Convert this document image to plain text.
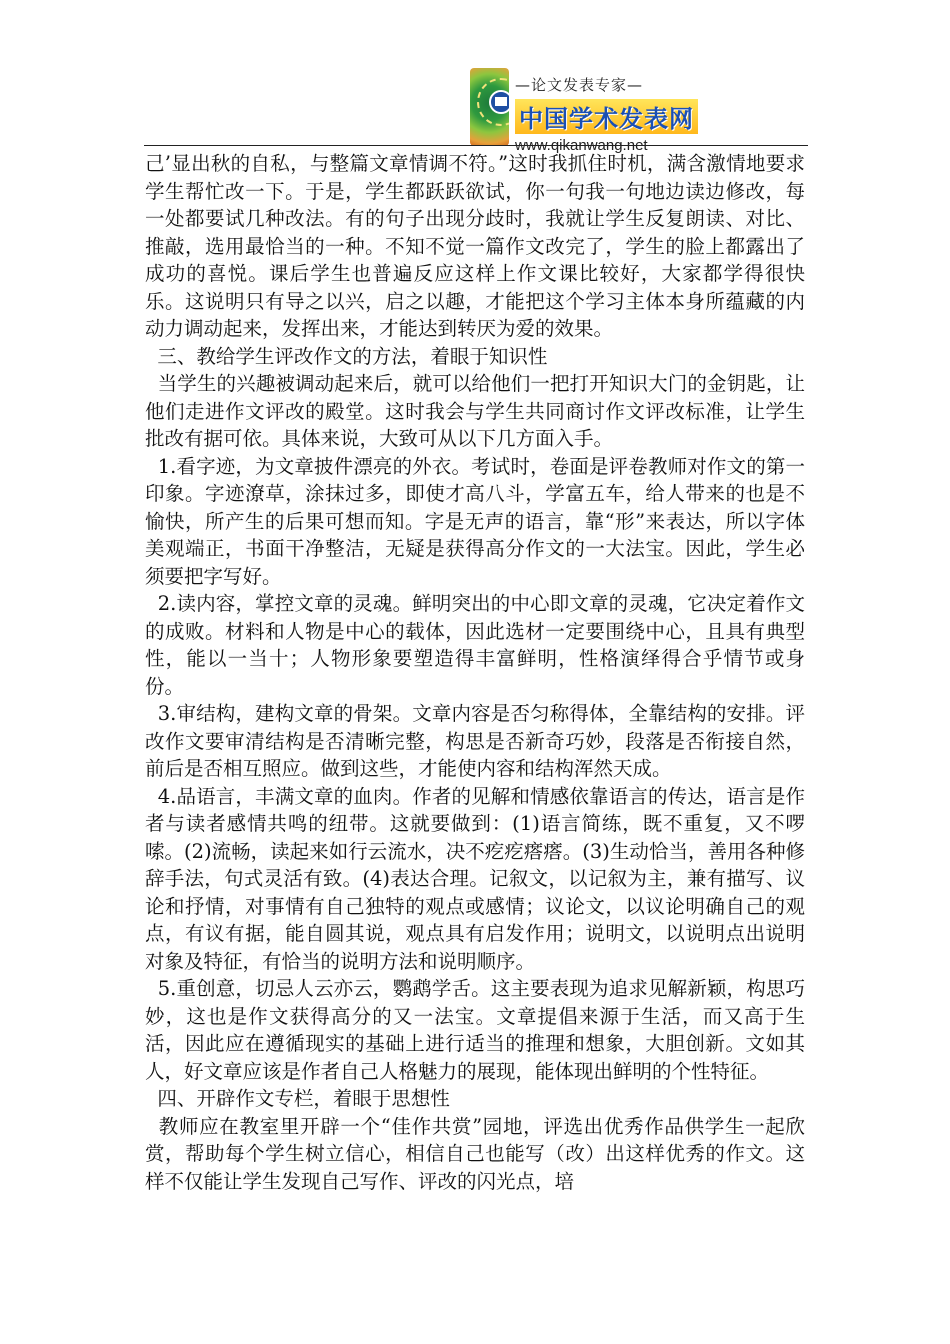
—论文发表专家—
中国学术发表网
www.qikanwang.net

己’显出秋的自私，与整篇文章情调不符。”这时我抓住时机，满含激情地要求学生帮忙改一下。于是，学生都跃跃欲试，你一句我一句地边读边修改，每一处都要试几种改法。有的句子出现分歧时，我就让学生反复朗读、对比、推敲，选用最恰当的一种。不知不觉一篇作文改完了，学生的脸上都露出了成功的喜悦。课后学生也普遍反应这样上作文课比较好，大家都学得很快乐。这说明只有导之以兴，启之以趣，才能把这个学习主体本身所蕴藏的内动力调动起来，发挥出来，才能达到转厌为爱的效果。

三、教给学生评改作文的方法，着眼于知识性

当学生的兴趣被调动起来后，就可以给他们一把打开知识大门的金钥匙，让他们走进作文评改的殿堂。这时我会与学生共同商讨作文评改标准，让学生批改有据可依。具体来说，大致可从以下几方面入手。

1.看字迹，为文章披件漂亮的外衣。考试时，卷面是评卷教师对作文的第一印象。字迹潦草，涂抹过多，即使才高八斗，学富五车，给人带来的也是不愉快，所产生的后果可想而知。字是无声的语言，靠“形”来表达，所以字体美观端正，书面干净整洁，无疑是获得高分作文的一大法宝。因此，学生必须要把字写好。

2.读内容，掌控文章的灵魂。鲜明突出的中心即文章的灵魂，它决定着作文的成败。材料和人物是中心的载体，因此选材一定要围绕中心，且具有典型性，能以一当十；人物形象要塑造得丰富鲜明，性格演绎得合乎情节或身份。

3.审结构，建构文章的骨架。文章内容是否匀称得体，全靠结构的安排。评改作文要审清结构是否清晰完整，构思是否新奇巧妙，段落是否衔接自然，前后是否相互照应。做到这些，才能使内容和结构浑然天成。

4.品语言，丰满文章的血肉。作者的见解和情感依靠语言的传达，语言是作者与读者感情共鸣的纽带。这就要做到：(1)语言简练，既不重复，又不啰嗦。(2)流畅，读起来如行云流水，决不疙疙瘩瘩。(3)生动恰当，善用各种修辞手法，句式灵活有致。(4)表达合理。记叙文，以记叙为主，兼有描写、议论和抒情，对事情有自己独特的观点或感情；议论文，以议论明确自己的观点，有议有据，能自圆其说，观点具有启发作用；说明文，以说明点出说明对象及特征，有恰当的说明方法和说明顺序。

5.重创意，切忌人云亦云，鹦鹉学舌。这主要表现为追求见解新颖，构思巧妙，这也是作文获得高分的又一法宝。文章提倡来源于生活，而又高于生活，因此应在遵循现实的基础上进行适当的推理和想象，大胆创新。文如其人，好文章应该是作者自己人格魅力的展现，能体现出鲜明的个性特征。

四、开辟作文专栏，着眼于思想性

教师应在教室里开辟一个“佳作共赏”园地，评选出优秀作品供学生一起欣赏，帮助每个学生树立信心，相信自己也能写（改）出这样优秀的作文。这样不仅能让学生发现自己写作、评改的闪光点，培
